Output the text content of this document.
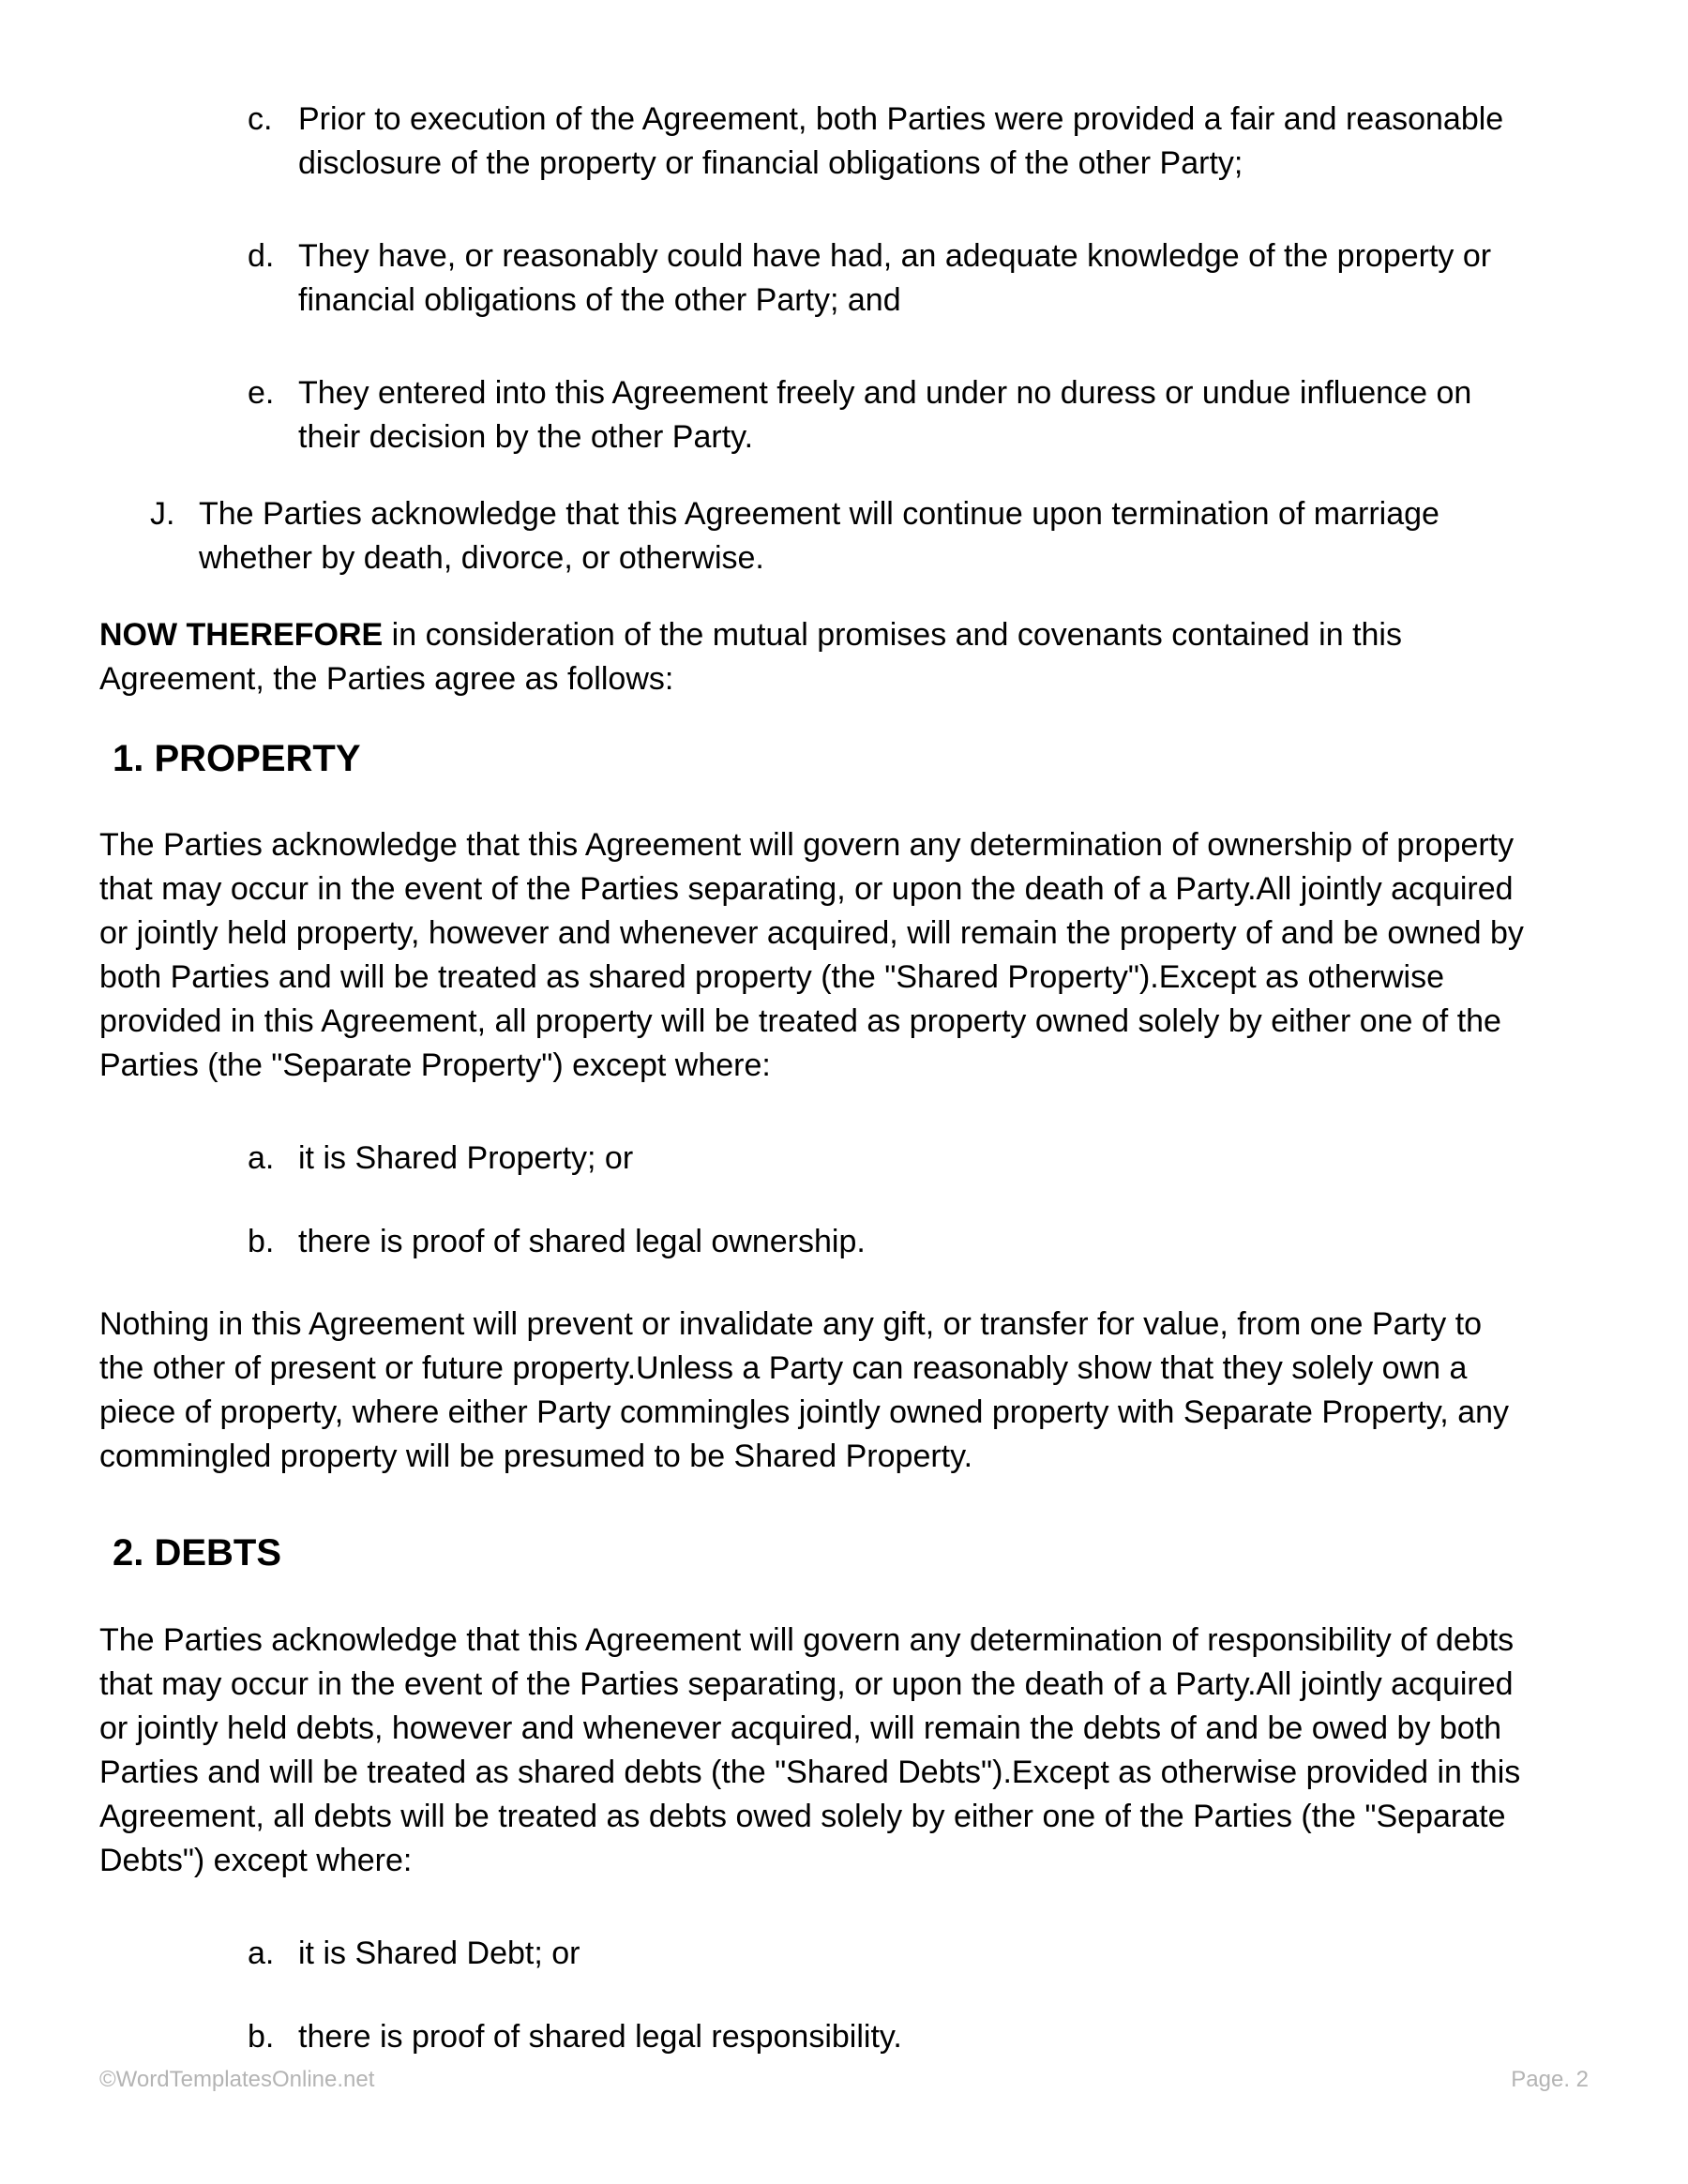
c. Prior to execution of the Agreement, both Parties were provided a fair and reasonable
disclosure of the property or financial obligations of the other Party;
d. They have, or reasonably could have had, an adequate knowledge of the property or
financial obligations of the other Party; and
e. They entered into this Agreement freely and under no duress or undue influence on
their decision by the other Party.
J. The Parties acknowledge that this Agreement will continue upon termination of marriage
whether by death, divorce, or otherwise.
NOW THEREFORE in consideration of the mutual promises and covenants contained in this
Agreement, the Parties agree as follows:
1. PROPERTY
The Parties acknowledge that this Agreement will govern any determination of ownership of property
that may occur in the event of the Parties separating, or upon the death of a Party.All jointly acquired
or jointly held property, however and whenever acquired, will remain the property of and be owned by
both Parties and will be treated as shared property (the "Shared Property").Except as otherwise
provided in this Agreement, all property will be treated as property owned solely by either one of the
Parties (the "Separate Property") except where:
a. it is Shared Property; or
b. there is proof of shared legal ownership.
Nothing in this Agreement will prevent or invalidate any gift, or transfer for value, from one Party to
the other of present or future property.Unless a Party can reasonably show that they solely own a
piece of property, where either Party commingles jointly owned property with Separate Property, any
commingled property will be presumed to be Shared Property.
2. DEBTS
The Parties acknowledge that this Agreement will govern any determination of responsibility of debts
that may occur in the event of the Parties separating, or upon the death of a Party.All jointly acquired
or jointly held debts, however and whenever acquired, will remain the debts of and be owed by both
Parties and will be treated as shared debts (the "Shared Debts").Except as otherwise provided in this
Agreement, all debts will be treated as debts owed solely by either one of the Parties (the "Separate
Debts") except where:
a. it is Shared Debt; or
b. there is proof of shared legal responsibility.
©WordTemplatesOnline.net	Page. 2
